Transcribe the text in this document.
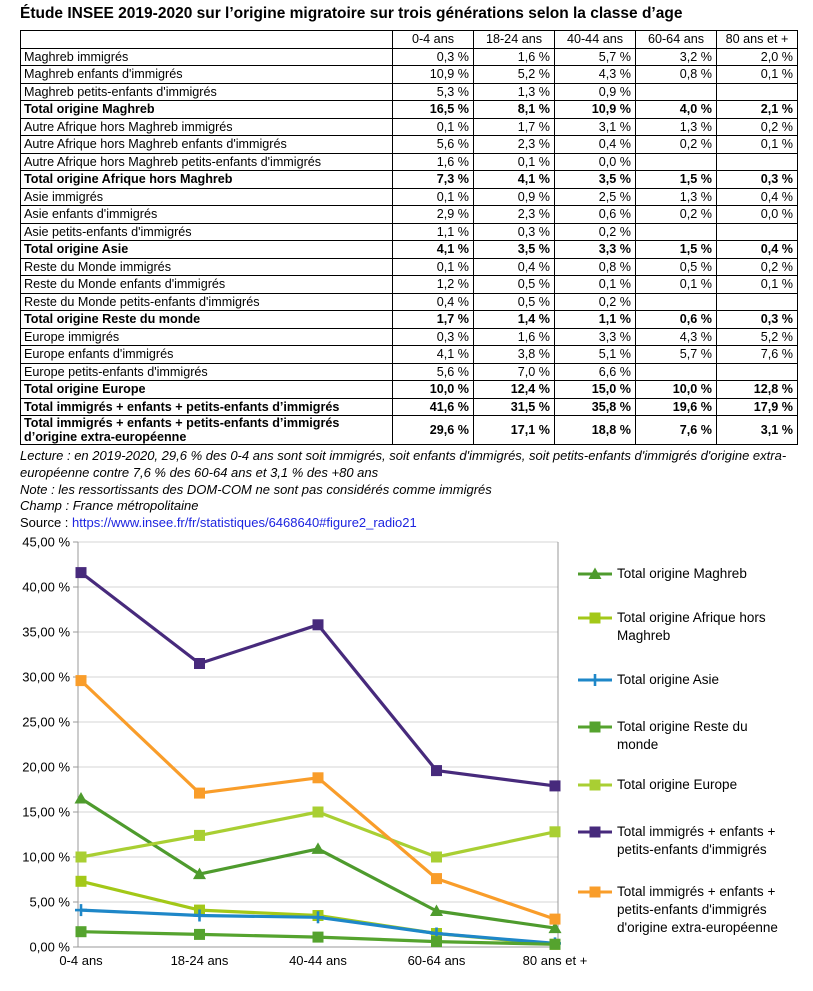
Étude INSEE 2019-2020 sur l’origine migratoire sur trois générations selon la classe d’age
	0-4 ans	18-24 ans	40-44 ans	60-64 ans	80 ans et +
Maghreb immigrés	0,3 %	1,6 %	5,7 %	3,2 %	2,0 %
Maghreb enfants d'immigrés	10,9 %	5,2 %	4,3 %	0,8 %	0,1 %
Maghreb petits-enfants d'immigrés	5,3 %	1,3 %	0,9 %		
Total origine Maghreb	16,5 %	8,1 %	10,9 %	4,0 %	2,1 %
Autre Afrique hors Maghreb immigrés	0,1 %	1,7 %	3,1 %	1,3 %	0,2 %
Autre Afrique hors Maghreb enfants d'immigrés	5,6 %	2,3 %	0,4 %	0,2 %	0,1 %
Autre Afrique hors Maghreb petits-enfants d'immigrés	1,6 %	0,1 %	0,0 %		
Total origine Afrique hors Maghreb	7,3 %	4,1 %	3,5 %	1,5 %	0,3 %
Asie immigrés	0,1 %	0,9 %	2,5 %	1,3 %	0,4 %
Asie enfants d'immigrés	2,9 %	2,3 %	0,6 %	0,2 %	0,0 %
Asie petits-enfants d'immigrés	1,1 %	0,3 %	0,2 %		
Total origine Asie	4,1 %	3,5 %	3,3 %	1,5 %	0,4 %
Reste du Monde immigrés	0,1 %	0,4 %	0,8 %	0,5 %	0,2 %
Reste du Monde enfants d'immigrés	1,2 %	0,5 %	0,1 %	0,1 %	0,1 %
Reste du Monde petits-enfants d'immigrés	0,4 %	0,5 %	0,2 %		
Total origine Reste du monde	1,7 %	1,4 %	1,1 %	0,6 %	0,3 %
Europe immigrés	0,3 %	1,6 %	3,3 %	4,3 %	5,2 %
Europe enfants d'immigrés	4,1 %	3,8 %	5,1 %	5,7 %	7,6 %
Europe petits-enfants d'immigrés	5,6 %	7,0 %	6,6 %		
Total origine Europe	10,0 %	12,4 %	15,0 %	10,0 %	12,8 %
Total immigrés + enfants + petits-enfants d’immigrés	41,6 %	31,5 %	35,8 %	19,6 %	17,9 %
Total immigrés + enfants + petits-enfants d’immigrés d’origine extra-européenne	29,6 %	17,1 %	18,8 %	7,6 %	3,1 %
Lecture : en 2019-2020, 29,6 % des 0-4 ans sont soit immigrés, soit enfants d'immigrés, soit petits-enfants d'immigrés d'origine extra-européenne contre 7,6 % des 60-64 ans et 3,1 % des +80 ans
Note : les ressortissants des DOM-COM ne sont pas considérés comme immigrés
Champ : France métropolitaine
Source : https://www.insee.fr/fr/statistiques/6468640#figure2_radio21
0,00 %
5,00 %
10,00 %
15,00 %
20,00 %
25,00 %
30,00 %
35,00 %
40,00 %
45,00 %
0-4 ans	18-24 ans	40-44 ans	60-64 ans	80 ans et +
Total origine Maghreb
Total origine Afrique hors Maghreb
Total origine Asie
Total origine Reste du monde
Total origine Europe
Total immigrés + enfants + petits-enfants d'immigrés
Total immigrés + enfants + petits-enfants d'immigrés d'origine extra-européenne
